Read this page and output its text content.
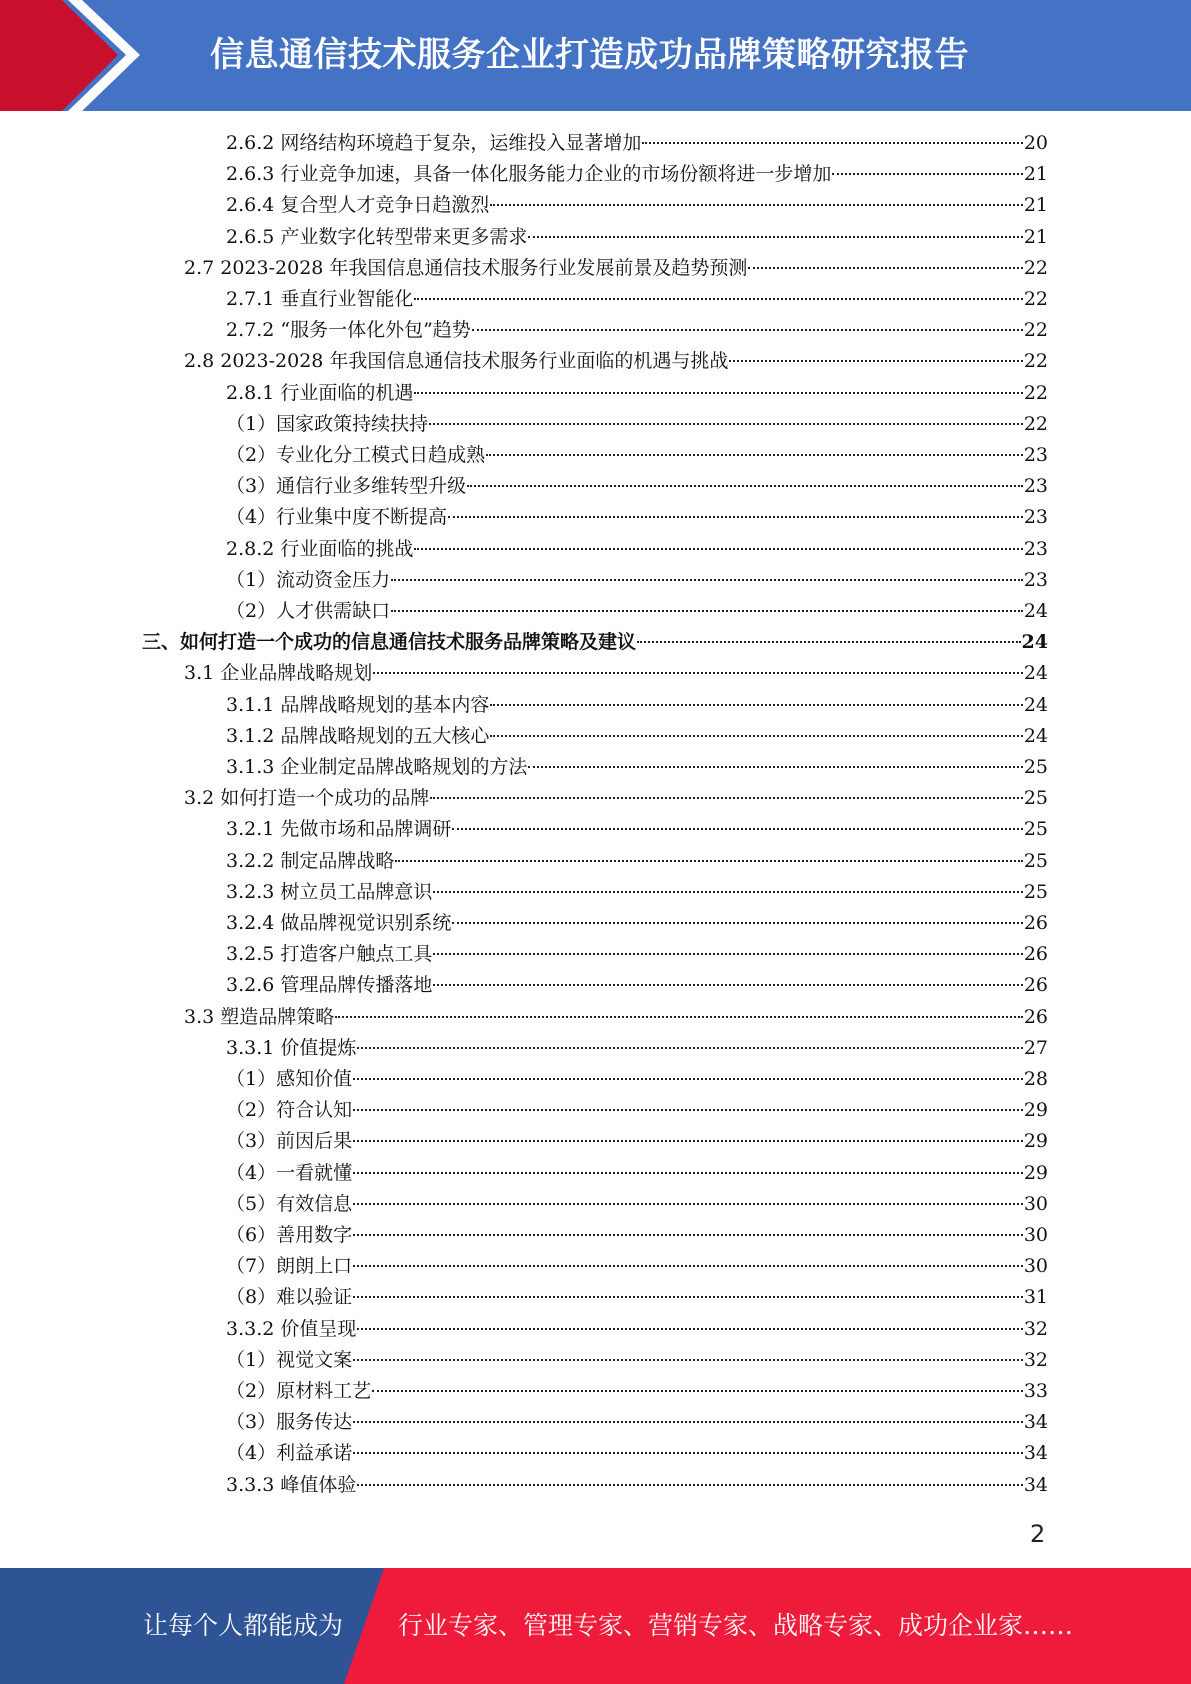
信息通信技术服务企业打造成功品牌策略研究报告
2.6.2 网络结构环境趋于复杂，运维投入显著增加	20
2.6.3 行业竞争加速，具备一体化服务能力企业的市场份额将进一步增加	21
2.6.4 复合型人才竞争日趋激烈	21
2.6.5 产业数字化转型带来更多需求	21
2.7 2023-2028 年我国信息通信技术服务行业发展前景及趋势预测	22
2.7.1 垂直行业智能化	22
2.7.2 “服务一体化外包”趋势	22
2.8 2023-2028 年我国信息通信技术服务行业面临的机遇与挑战	22
2.8.1 行业面临的机遇	22
（1）国家政策持续扶持	22
（2）专业化分工模式日趋成熟	23
（3）通信行业多维转型升级	23
（4）行业集中度不断提高	23
2.8.2 行业面临的挑战	23
（1）流动资金压力	23
（2）人才供需缺口	24
三、如何打造一个成功的信息通信技术服务品牌策略及建议	24
3.1 企业品牌战略规划	24
3.1.1 品牌战略规划的基本内容	24
3.1.2 品牌战略规划的五大核心	24
3.1.3 企业制定品牌战略规划的方法	25
3.2 如何打造一个成功的品牌	25
3.2.1 先做市场和品牌调研	25
3.2.2 制定品牌战略	25
3.2.3 树立员工品牌意识	25
3.2.4 做品牌视觉识别系统	26
3.2.5 打造客户触点工具	26
3.2.6 管理品牌传播落地	26
3.3 塑造品牌策略	26
3.3.1 价值提炼	27
（1）感知价值	28
（2）符合认知	29
（3）前因后果	29
（4）一看就懂	29
（5）有效信息	30
（6）善用数字	30
（7）朗朗上口	30
（8）难以验证	31
3.3.2 价值呈现	32
（1）视觉文案	32
（2）原材料工艺	33
（3）服务传达	34
（4）利益承诺	34
3.3.3 峰值体验	34
2
让每个人都能成为 行业专家、管理专家、营销专家、战略专家、成功企业家……
